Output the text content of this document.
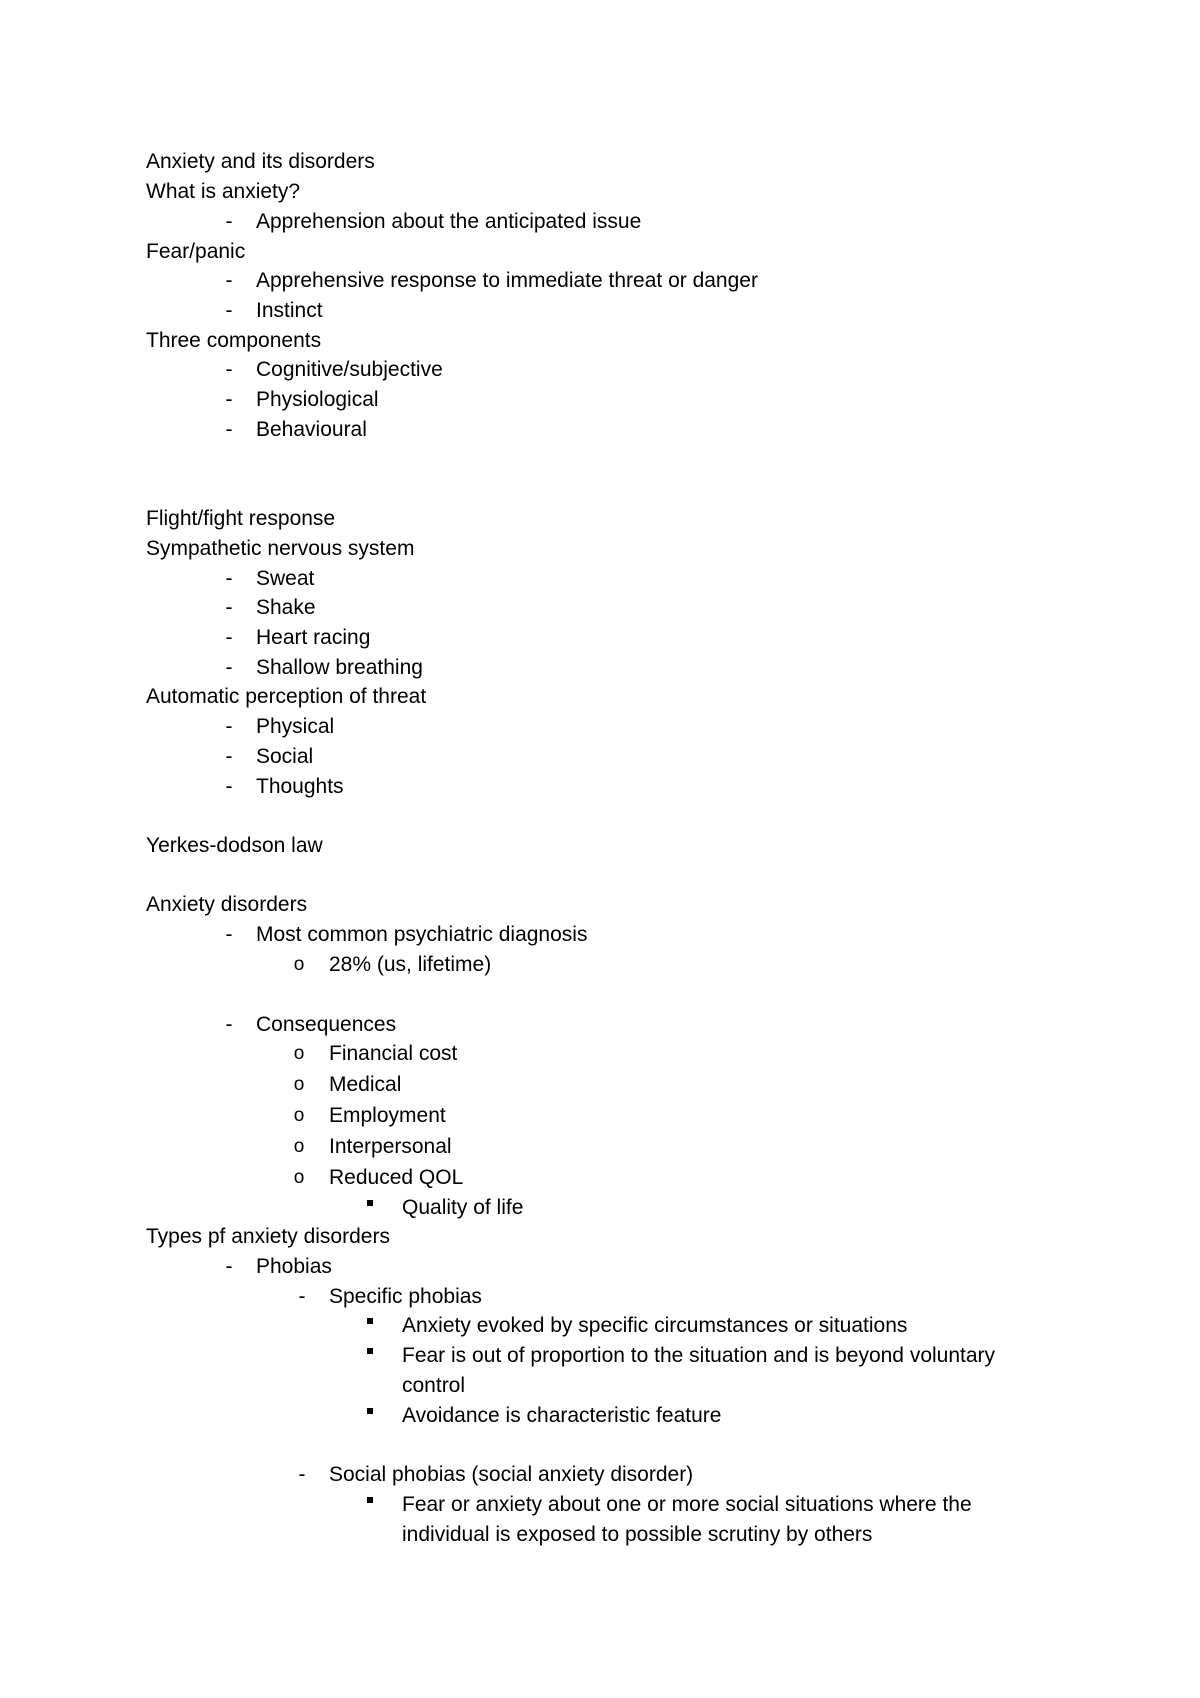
Anxiety and its disorders
What is anxiety?
-	Apprehension about the anticipated issue
Fear/panic
-	Apprehensive response to immediate threat or danger
-	Instinct
Three components
-	Cognitive/subjective
-	Physiological
-	Behavioural
Flight/fight response
Sympathetic nervous system
-	Sweat
-	Shake
-	Heart racing
-	Shallow breathing
Automatic perception of threat
-	Physical
-	Social
-	Thoughts
Yerkes-dodson law
Anxiety disorders
-	Most common psychiatric diagnosis
o 28% (us, lifetime)
-	Consequences
o Financial cost
o Medical
o Employment
o Interpersonal
o Reduced QOL
Quality of life
Types pf anxiety disorders
-	Phobias
-	Specific phobias
Anxiety evoked by specific circumstances or situations
Fear is out of proportion to the situation and is beyond voluntary
control
Avoidance is characteristic feature
-	Social phobias (social anxiety disorder)
Fear or anxiety about one or more social situations where the
individual is exposed to possible scrutiny by others
